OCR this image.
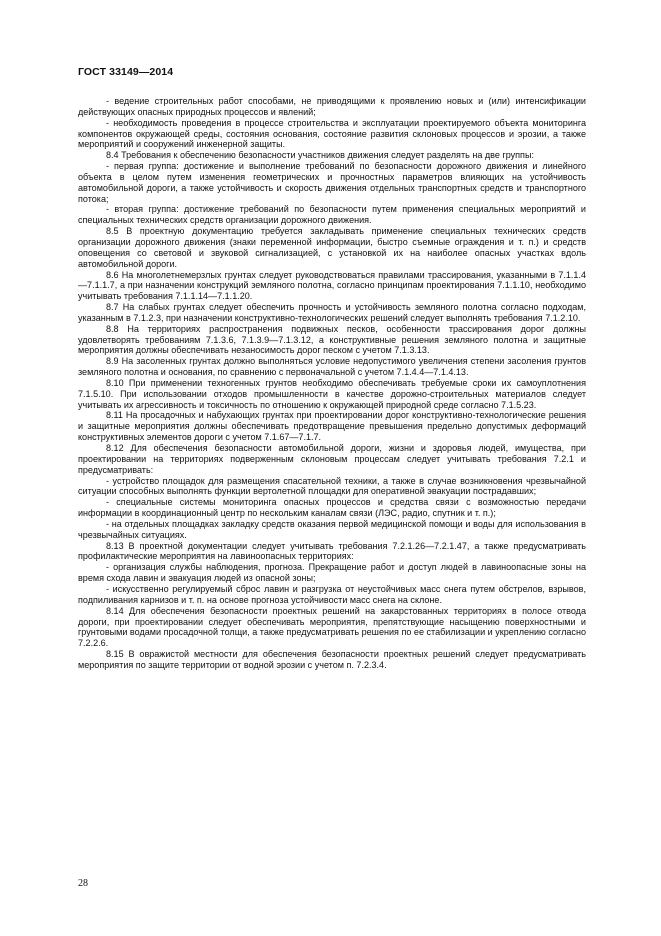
ГОСТ 33149—2014

- ведение строительных работ способами, не приводящими к проявлению новых и (или) интенсификации действующих опасных природных процессов и явлений;

- необходимость проведения в процессе строительства и эксплуатации проектируемого объекта мониторинга компонентов окружающей среды, состояния основания, состояние развития склоновых процессов и эрозии, а также мероприятий и сооружений инженерной защиты.

8.4 Требования к обеспечению безопасности участников движения следует разделять на две группы:

- первая группа: достижение и выполнение требований по безопасности дорожного движения и линейного объекта в целом путем изменения геометрических и прочностных параметров влияющих на устойчивость автомобильной дороги, а также устойчивость и скорость движения отдельных транспортных средств и транспортного потока;

- вторая группа: достижение требований по безопасности путем применения специальных мероприятий и специальных технических средств организации дорожного движения.

8.5 В проектную документацию требуется закладывать применение специальных технических средств организации дорожного движения (знаки переменной информации, быстро съемные ограждения и т. п.) и средств оповещения со световой и звуковой сигнализацией, с установкой их на наиболее опасных участках вдоль автомобильной дороги.

8.6 На многолетнемерзлых грунтах следует руководствоваться правилами трассирования, указанными в 7.1.1.4—7.1.1.7, а при назначении конструкций земляного полотна, согласно принципам проектирования 7.1.1.10, необходимо учитывать требования 7.1.1.14—7.1.1.20.

8.7 На слабых грунтах следует обеспечить прочность и устойчивость земляного полотна согласно подходам, указанным в 7.1.2.3, при назначении конструктивно-технологических решений следует выполнять требования 7.1.2.10.

8.8 На территориях распространения подвижных песков, особенности трассирования дорог должны удовлетворять требованиям 7.1.3.6, 7.1.3.9—7.1.3.12, а конструктивные решения земляного полотна и защитные мероприятия должны обеспечивать незаносимость дорог песком с учетом 7.1.3.13.

8.9 На засоленных грунтах должно выполняться условие недопустимого увеличения степени засоления грунтов земляного полотна и основания, по сравнению с первоначальной с учетом 7.1.4.4—7.1.4.13.

8.10 При применении техногенных грунтов необходимо обеспечивать требуемые сроки их самоуплотнения 7.1.5.10. При использовании отходов промышленности в качестве дорожно-строительных материалов следует учитывать их агрессивность и токсичность по отношению к окружающей природной среде согласно 7.1.5.23.

8.11 На просадочных и набухающих грунтах при проектировании дорог конструктивно-технологические решения и защитные мероприятия должны обеспечивать предотвращение превышения предельно допустимых деформаций конструктивных элементов дороги с учетом 7.1.67—7.1.7.

8.12 Для обеспечения безопасности автомобильной дороги, жизни и здоровья людей, имущества, при проектировании на территориях подверженным склоновым процессам следует учитывать требования 7.2.1 и предусматривать:

- устройство площадок для размещения спасательной техники, а также в случае возникновения чрезвычайной ситуации способных выполнять функции вертолетной площадки для оперативной эвакуации пострадавших;

- специальные системы мониторинга опасных процессов и средства связи с возможностью передачи информации в координационный центр по нескольким каналам связи (ЛЭС, радио, спутник и т. п.);

- на отдельных площадках закладку средств оказания первой медицинской помощи и воды для использования в чрезвычайных ситуациях.

8.13 В проектной документации следует учитывать требования 7.2.1.26—7.2.1.47, а также предусматривать профилактические мероприятия на лавиноопасных территориях:

- организация службы наблюдения, прогноза. Прекращение работ и доступ людей в лавиноопасные зоны на время схода лавин и эвакуация людей из опасной зоны;

- искусственно регулируемый сброс лавин и разгрузка от неустойчивых масс снега путем обстрелов, взрывов, подпиливания карнизов и т. п. на основе прогноза устойчивости масс снега на склоне.

8.14 Для обеспечения безопасности проектных решений на закарстованных территориях в полосе отвода дороги, при проектировании следует обеспечивать мероприятия, препятствующие насыщению поверхностными и грунтовыми водами просадочной толщи, а также предусматривать решения по ее стабилизации и укреплению согласно 7.2.2.6.

8.15 В овражистой местности для обеспечения безопасности проектных решений следует предусматривать мероприятия по защите территории от водной эрозии с учетом п. 7.2.3.4.

28
